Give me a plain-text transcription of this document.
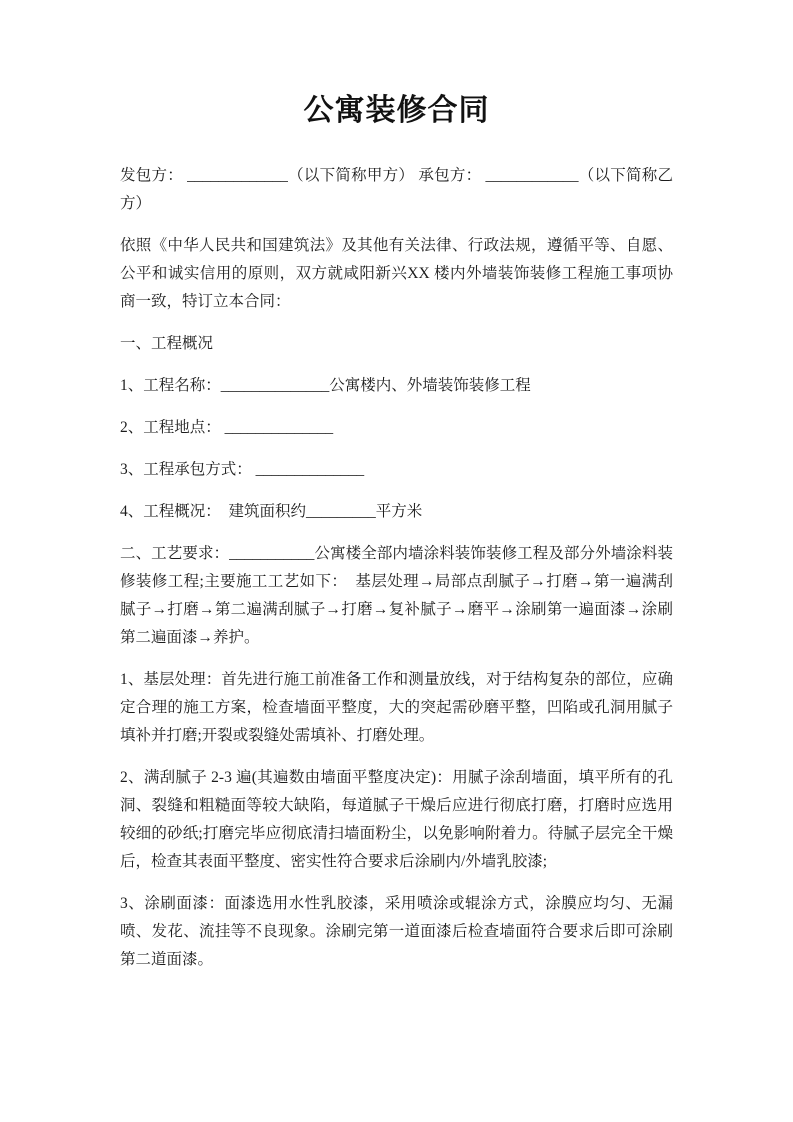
公寓装修合同

发包方： _____________（以下简称甲方） 承包方： ____________（以下简称乙方）

依照《中华人民共和国建筑法》及其他有关法律、行政法规，遵循平等、自愿、公平和诚实信用的原则，双方就咸阳新兴XX 楼内外墙装饰装修工程施工事项协商一致，特订立本合同：

一、工程概况

1、工程名称：______________公寓楼内、外墙装饰装修工程

2、工程地点： ______________

3、工程承包方式： ______________

4、工程概况：　建筑面积约_________平方米

二、工艺要求：___________公寓楼全部内墙涂料装饰装修工程及部分外墙涂料装修装修工程;主要施工工艺如下：　基层处理→局部点刮腻子→打磨→第一遍满刮腻子→打磨→第二遍满刮腻子→打磨→复补腻子→磨平→涂刷第一遍面漆→涂刷第二遍面漆→养护。

1、基层处理：首先进行施工前准备工作和测量放线，对于结构复杂的部位，应确定合理的施工方案，检查墙面平整度，大的突起需砂磨平整，凹陷或孔洞用腻子填补并打磨;开裂或裂缝处需填补、打磨处理。

2、满刮腻子 2-3 遍(其遍数由墙面平整度决定)：用腻子涂刮墙面，填平所有的孔洞、裂缝和粗糙面等较大缺陷，每道腻子干燥后应进行彻底打磨，打磨时应选用较细的砂纸;打磨完毕应彻底清扫墙面粉尘，以免影响附着力。待腻子层完全干燥后，检查其表面平整度、密实性符合要求后涂刷内/外墙乳胶漆;

3、涂刷面漆：面漆选用水性乳胶漆，采用喷涂或辊涂方式，涂膜应均匀、无漏喷、发花、流挂等不良现象。涂刷完第一道面漆后检查墙面符合要求后即可涂刷第二道面漆。
